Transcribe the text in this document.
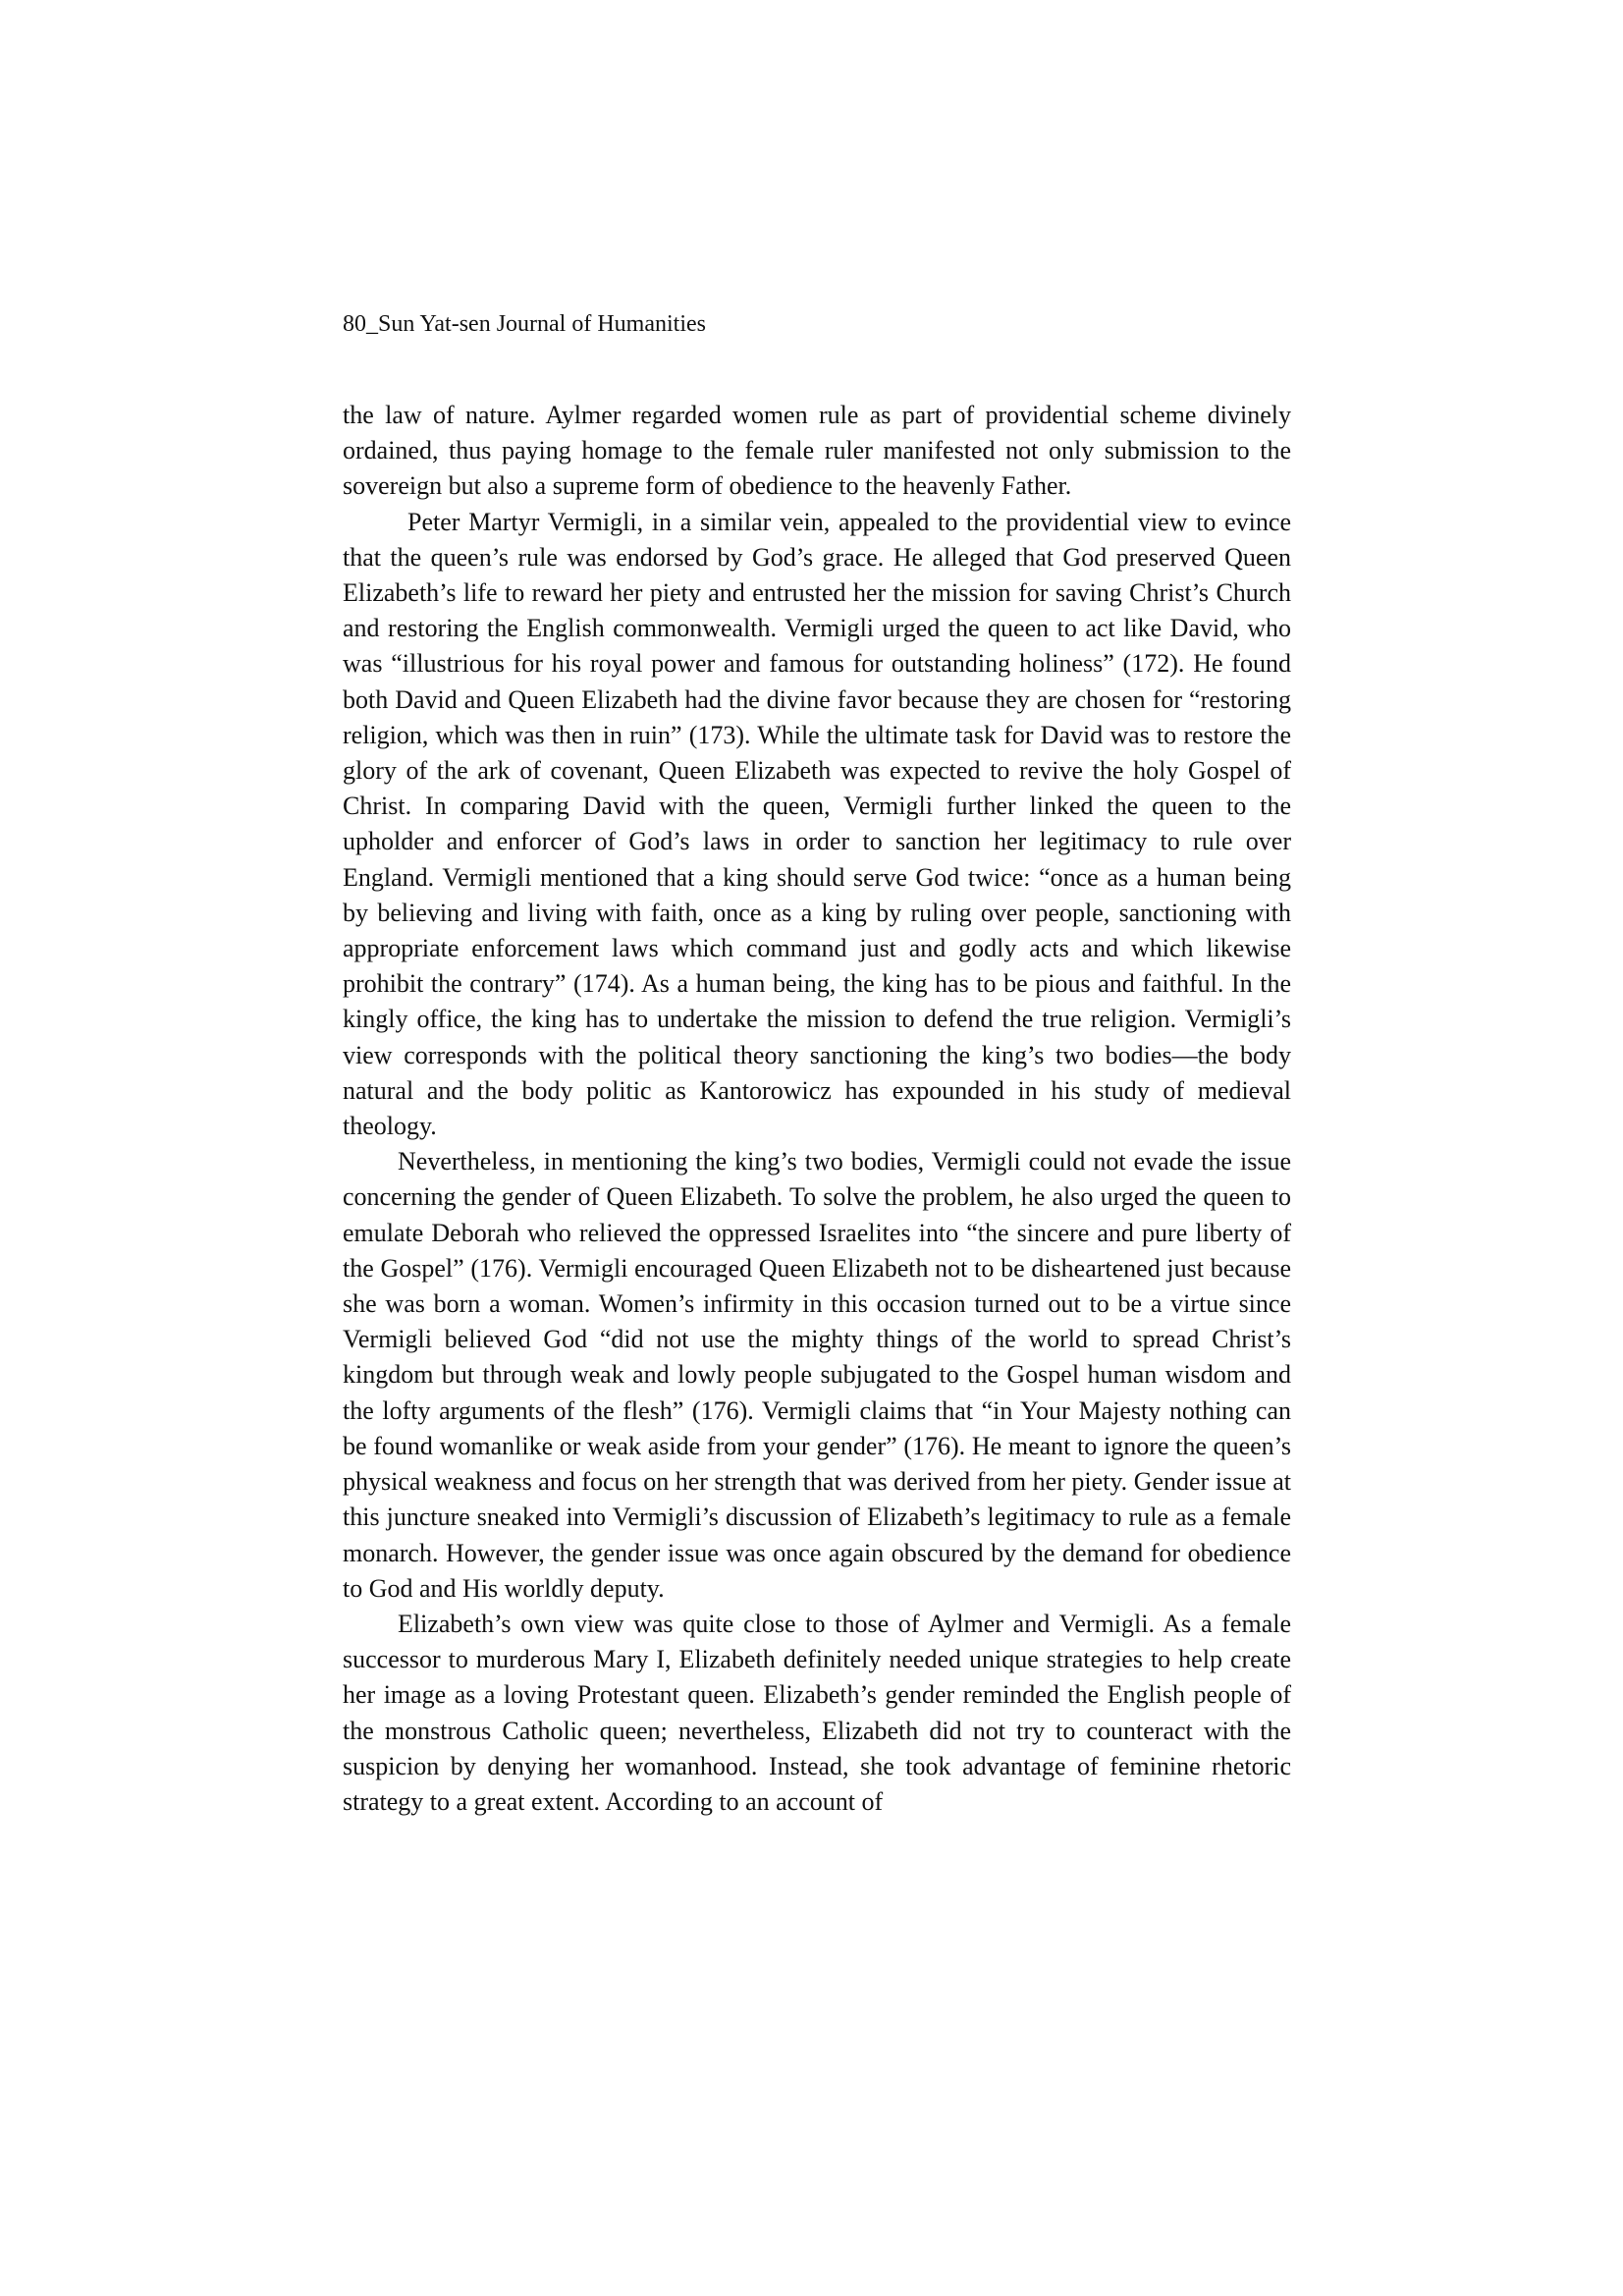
80_Sun Yat-sen Journal of Humanities

the law of nature. Aylmer regarded women rule as part of providential scheme divinely ordained, thus paying homage to the female ruler manifested not only submission to the sovereign but also a supreme form of obedience to the heavenly Father.

Peter Martyr Vermigli, in a similar vein, appealed to the providential view to evince that the queen’s rule was endorsed by God’s grace. He alleged that God preserved Queen Elizabeth’s life to reward her piety and entrusted her the mission for saving Christ’s Church and restoring the English commonwealth. Vermigli urged the queen to act like David, who was “illustrious for his royal power and famous for outstanding holiness” (172). He found both David and Queen Elizabeth had the divine favor because they are chosen for “restoring religion, which was then in ruin” (173). While the ultimate task for David was to restore the glory of the ark of covenant, Queen Elizabeth was expected to revive the holy Gospel of Christ. In comparing David with the queen, Vermigli further linked the queen to the upholder and enforcer of God’s laws in order to sanction her legitimacy to rule over England. Vermigli mentioned that a king should serve God twice: “once as a human being by believing and living with faith, once as a king by ruling over people, sanctioning with appropriate enforcement laws which command just and godly acts and which likewise prohibit the contrary” (174). As a human being, the king has to be pious and faithful. In the kingly office, the king has to undertake the mission to defend the true religion. Vermigli’s view corresponds with the political theory sanctioning the king’s two bodies—the body natural and the body politic as Kantorowicz has expounded in his study of medieval theology.

Nevertheless, in mentioning the king’s two bodies, Vermigli could not evade the issue concerning the gender of Queen Elizabeth. To solve the problem, he also urged the queen to emulate Deborah who relieved the oppressed Israelites into “the sincere and pure liberty of the Gospel” (176). Vermigli encouraged Queen Elizabeth not to be disheartened just because she was born a woman. Women’s infirmity in this occasion turned out to be a virtue since Vermigli believed God “did not use the mighty things of the world to spread Christ’s kingdom but through weak and lowly people subjugated to the Gospel human wisdom and the lofty arguments of the flesh” (176). Vermigli claims that “in Your Majesty nothing can be found womanlike or weak aside from your gender” (176). He meant to ignore the queen’s physical weakness and focus on her strength that was derived from her piety. Gender issue at this juncture sneaked into Vermigli’s discussion of Elizabeth’s legitimacy to rule as a female monarch. However, the gender issue was once again obscured by the demand for obedience to God and His worldly deputy.

Elizabeth’s own view was quite close to those of Aylmer and Vermigli. As a female successor to murderous Mary I, Elizabeth definitely needed unique strategies to help create her image as a loving Protestant queen. Elizabeth’s gender reminded the English people of the monstrous Catholic queen; nevertheless, Elizabeth did not try to counteract with the suspicion by denying her womanhood. Instead, she took advantage of feminine rhetoric strategy to a great extent. According to an account of
